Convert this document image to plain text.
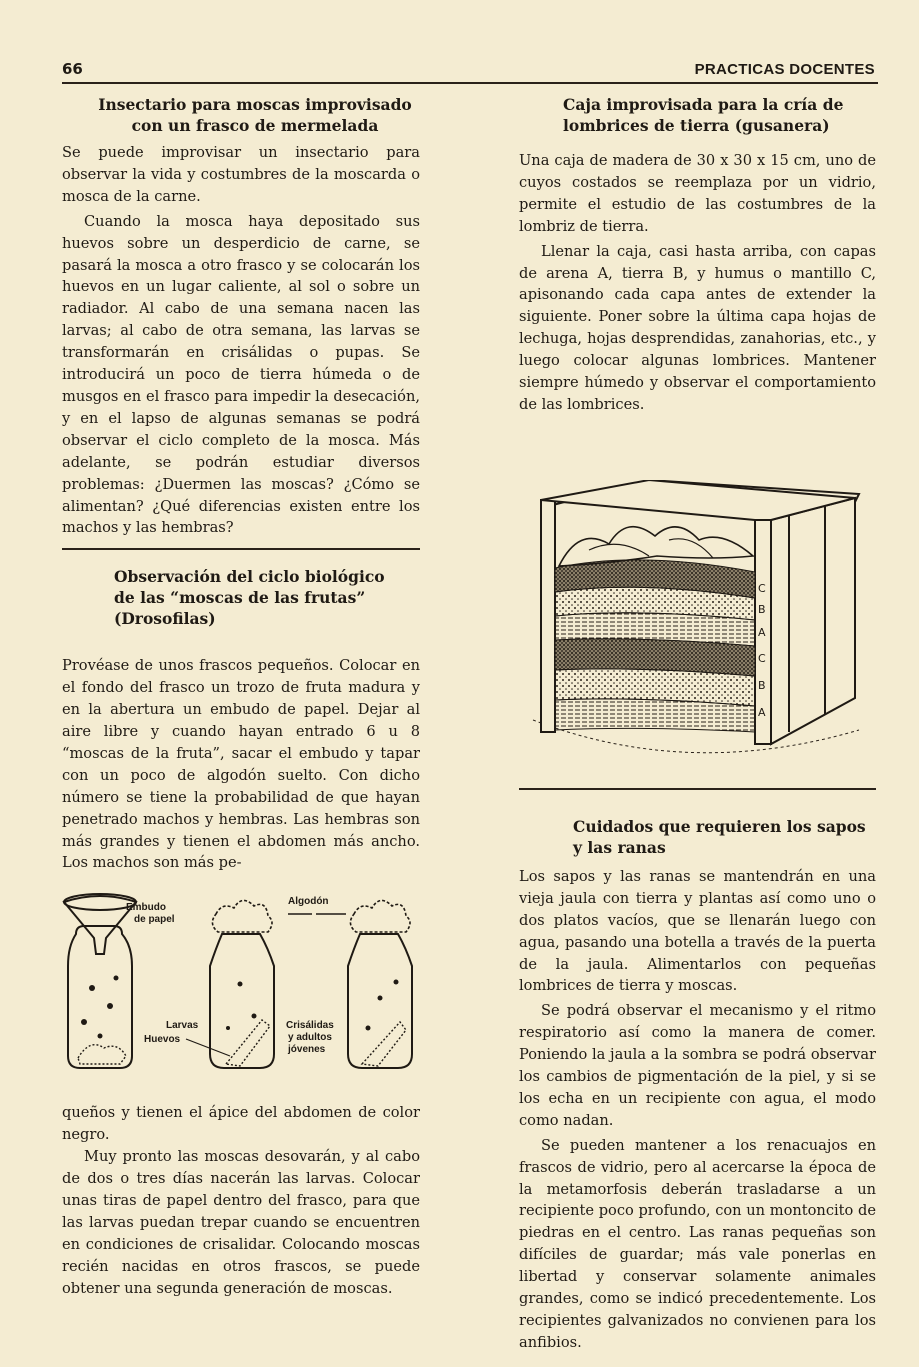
66	PRACTICAS DOCENTES
Insectario para moscas improvisado
con un frasco de mermelada

Se puede improvisar un insectario para observar la vida y costumbres de la moscarda o mosca de la carne.

Cuando la mosca haya depositado sus huevos sobre un desperdicio de carne, se pasará la mosca a otro frasco y se colocarán los huevos en un lugar caliente, al sol o sobre un radiador. Al cabo de una semana nacen las larvas; al cabo de otra semana, las larvas se transformarán en crisálidas o pupas. Se introducirá un poco de tierra húmeda o de musgos en el frasco para impedir la desecación, y en el lapso de algunas semanas se podrá observar el ciclo completo de la mosca. Más adelante, se podrán estudiar diversos problemas: ¿Duermen las moscas? ¿Cómo se alimentan? ¿Qué diferencias existen entre los machos y las hembras?

Observación del ciclo biológico
de las “moscas de las frutas”
(Drosofilas)

Provéase de unos frascos pequeños. Colocar en el fondo del frasco un trozo de fruta madura y en la abertura un embudo de papel. Dejar al aire libre y cuando hayan entrado 6 u 8 “moscas de la fruta”, sacar el embudo y tapar con un poco de algodón suelto. Con dicho número se tiene la probabilidad de que hayan penetrado machos y hembras. Las hembras son más grandes y tienen el abdomen más ancho. Los machos son más pe-

Embudo
de papel
Algodón
Larvas
Huevos
Crisálidas
y adultos
jóvenes

queños y tienen el ápice del abdomen de color negro.

Muy pronto las moscas desovarán, y al cabo de dos o tres días nacerán las larvas. Colocar unas tiras de papel dentro del frasco, para que las larvas puedan trepar cuando se encuentren en condiciones de crisalidar. Colocando moscas recién nacidas en otros frascos, se puede obtener una segunda generación de moscas.

Caja improvisada para la cría de
lombrices de tierra (gusanera)

Una caja de madera de 30 x 30 x 15 cm, uno de cuyos costados se reemplaza por un vidrio, permite el estudio de las costumbres de la lombriz de tierra.

Llenar la caja, casi hasta arriba, con capas de arena A, tierra B, y humus o mantillo C, apisonando cada capa antes de extender la siguiente. Poner sobre la última capa hojas de lechuga, hojas desprendidas, zanahorias, etc., y luego colocar algunas lombrices. Mantener siempre húmedo y observar el comportamiento de las lombrices.

C
B
A
C
B
A
Cuidados que requieren los sapos
y las ranas

Los sapos y las ranas se mantendrán en una vieja jaula con tierra y plantas así como uno o dos platos vacíos, que se llenarán luego con agua, pasando una botella a través de la puerta de la jaula. Alimentarlos con pequeñas lombrices de tierra y moscas.

Se podrá observar el mecanismo y el ritmo respiratorio así como la manera de comer. Poniendo la jaula a la sombra se podrá observar los cambios de pigmentación de la piel, y si se los echa en un recipiente con agua, el modo como nadan.

Se pueden mantener a los renacuajos en frascos de vidrio, pero al acercarse la época de la metamorfosis deberán trasladarse a un recipiente poco profundo, con un montoncito de piedras en el centro. Las ranas pequeñas son difíciles de guardar; más vale ponerlas en libertad y conservar solamente animales grandes, como se indicó precedentemente. Los recipientes galvanizados no convienen para los anfibios.
